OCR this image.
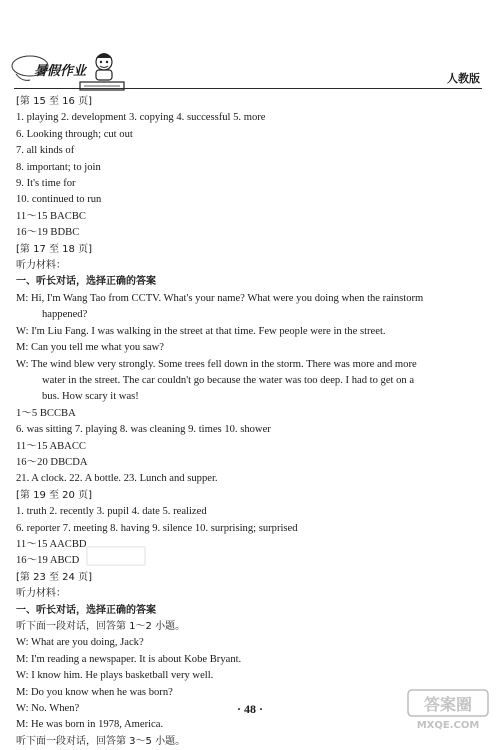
暑假作业	人教版
[第 15 至 16 页]
1. playing 2. development 3. copying 4. successful 5. more
6. Looking through; cut out
7. all kinds of
8. important; to join
9. It's time for
10. continued to run
11～15 BACBC
16～19 BDBC
[第 17 至 18 页]
听力材料：
一、听长对话，选择正确的答案
M: Hi, I'm Wang Tao from CCTV. What's your name? What were you doing when the rainstorm
happened?
W: I'm Liu Fang. I was walking in the street at that time. Few people were in the street.
M: Can you tell me what you saw?
W: The wind blew very strongly. Some trees fell down in the storm. There was more and more
water in the street. The car couldn't go because the water was too deep. I had to get on a
bus. How scary it was!
1～5 BCCBA
6. was sitting 7. playing 8. was cleaning 9. times 10. shower
11～15 ABACC
16～20 DBCDA
21. A clock. 22. A bottle. 23. Lunch and supper.
[第 19 至 20 页]
1. truth 2. recently 3. pupil 4. date 5. realized
6. reporter 7. meeting 8. having 9. silence 10. surprising; surprised
11～15 AACBD
16～19 ABCD
[第 23 至 24 页]
听力材料：
一、听长对话，选择正确的答案
听下面一段对话，回答第 1～2 小题。
W: What are you doing, Jack?
M: I'm reading a newspaper. It is about Kobe Bryant.
W: I know him. He plays basketball very well.
M: Do you know when he was born?
W: No. When?
M: He was born in 1978, America.
听下面一段对话，回答第 3～5 小题。
· 48 ·	答案圈
MXQE.COM
